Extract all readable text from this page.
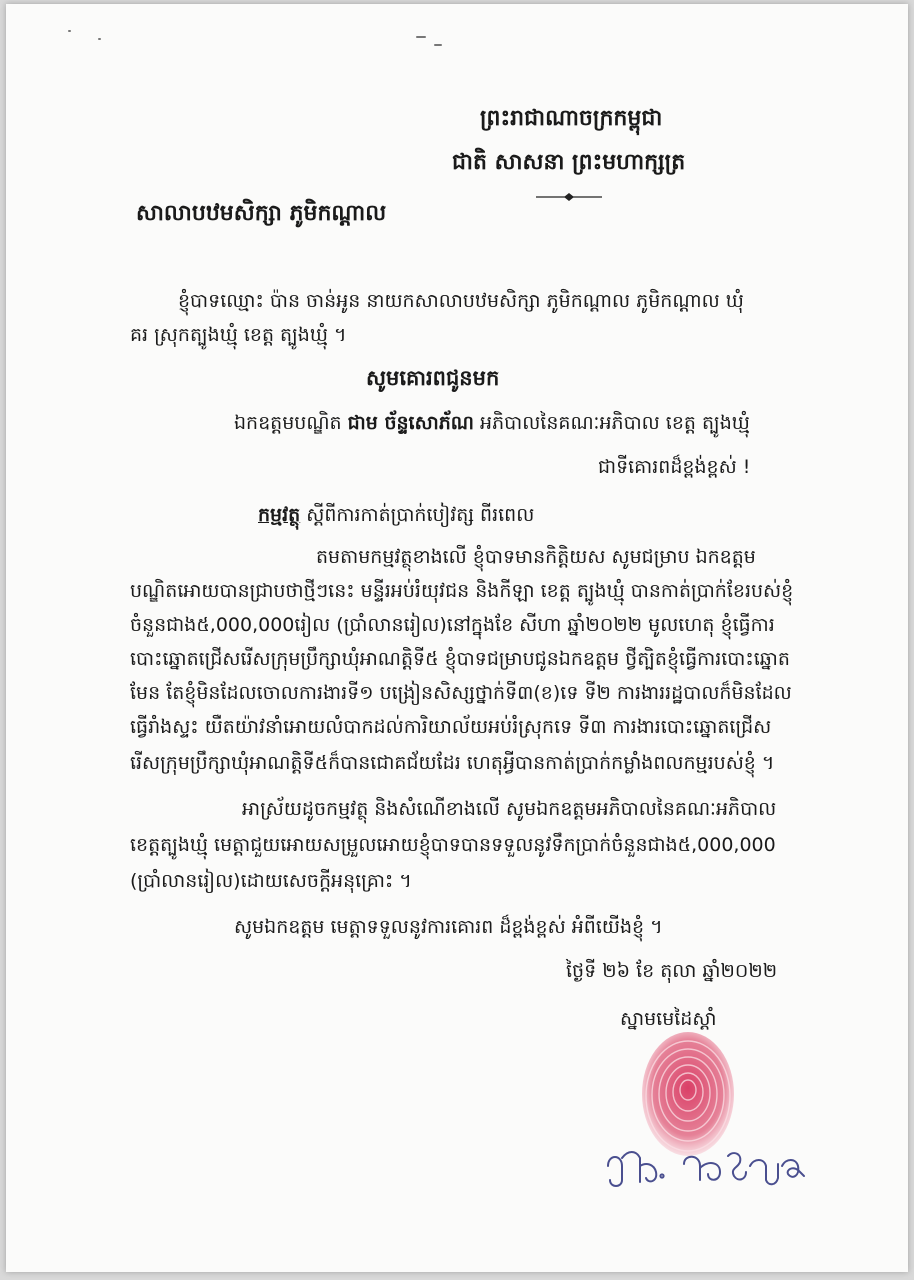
ព្រះរាជាណាចក្រកម្ពុជា
ជាតិ សាសនា ព្រះមហាក្សត្រ
សាលាបឋមសិក្សា ភូមិកណ្ដាល
ខ្ញុំបាទឈ្មោះ ប៉ាន ចាន់អូន នាយកសាលាបឋមសិក្សា ភូមិកណ្ដាល ភូមិកណ្ដាល ឃុំ
គរ ស្រុកត្បូងឃ្មុំ ខេត្ត ត្បូងឃ្មុំ ។
សូមគោរពជូនមក
ឯកឧត្ដមបណ្ឌិត ជាម ច័ន្ទសោភ័ណ អភិបាលនៃគណៈអភិបាល ខេត្ត ត្បូងឃ្មុំ
ជាទីគោរពដ៏ខ្ពង់ខ្ពស់ !
កម្មវត្ថុ ស្ដីពីការកាត់ប្រាក់បៀវត្ស ពីរពេល
តមតាមកម្មវត្ថុខាងលើ ខ្ញុំបាទមានកិត្តិយស សូមជម្រាប ឯកឧត្ដម
បណ្ឌិតអោយបានជ្រាបថាថ្មីៗនេះ មន្ទីរអប់រំយុវជន និងកីឡា ខេត្ត ត្បូងឃ្មុំ បានកាត់ប្រាក់ខែរបស់ខ្ញុំ
ចំនួនជាង៥,000,000រៀល (ប្រាំលានរៀល)នៅក្នុងខែ សីហា ឆ្នាំ២០២២ មូលហេតុ ខ្ញុំធ្វើការ
បោះឆ្នោតជ្រើសរើសក្រុមប្រឹក្សាឃុំអាណត្តិទី៥ ខ្ញុំបាទជម្រាបជូនឯកឧត្ដម ថ្វីត្បិតខ្ញុំធ្វើការបោះឆ្នោត
មែន តែខ្ញុំមិនដែលចោលការងារទី១ បង្រៀនសិស្សថ្នាក់ទី៣(ខ)ទេ ទី២ ការងាររដ្ឋបាលក៏មិនដែល
ធ្វើរាំងស្ទះ យឺតយ៉ាវនាំអោយលំបាកដល់ការិយាល័យអប់រំស្រុកទេ ទី៣ ការងារបោះឆ្នោតជ្រើស
រើសក្រុមប្រឹក្សាឃុំអាណត្តិទី៥ក៏បានជោគជ័យដែរ ហេតុអ្វីបានកាត់ប្រាក់កម្លាំងពលកម្មរបស់ខ្ញុំ ។
អាស្រ័យដូចកម្មវត្ថុ និងសំណើខាងលើ សូមឯកឧត្ដមអភិបាលនៃគណៈអភិបាល
ខេត្តត្បូងឃ្មុំ មេត្តាជួយអោយសម្រួលអោយខ្ញុំបាទបានទទួលនូវទឹកប្រាក់ចំនួនជាង៥,000,000
(ប្រាំលានរៀល)ដោយសេចក្ដីអនុគ្រោះ ។
សូមឯកឧត្ដម មេត្តាទទួលនូវការគោរព ដ៏ខ្ពង់ខ្ពស់ អំពីយើងខ្ញុំ ។
ថ្ងៃទី ២៦ ខែ តុលា ឆ្នាំ២០២២
ស្នាមមេដៃស្ដាំ
